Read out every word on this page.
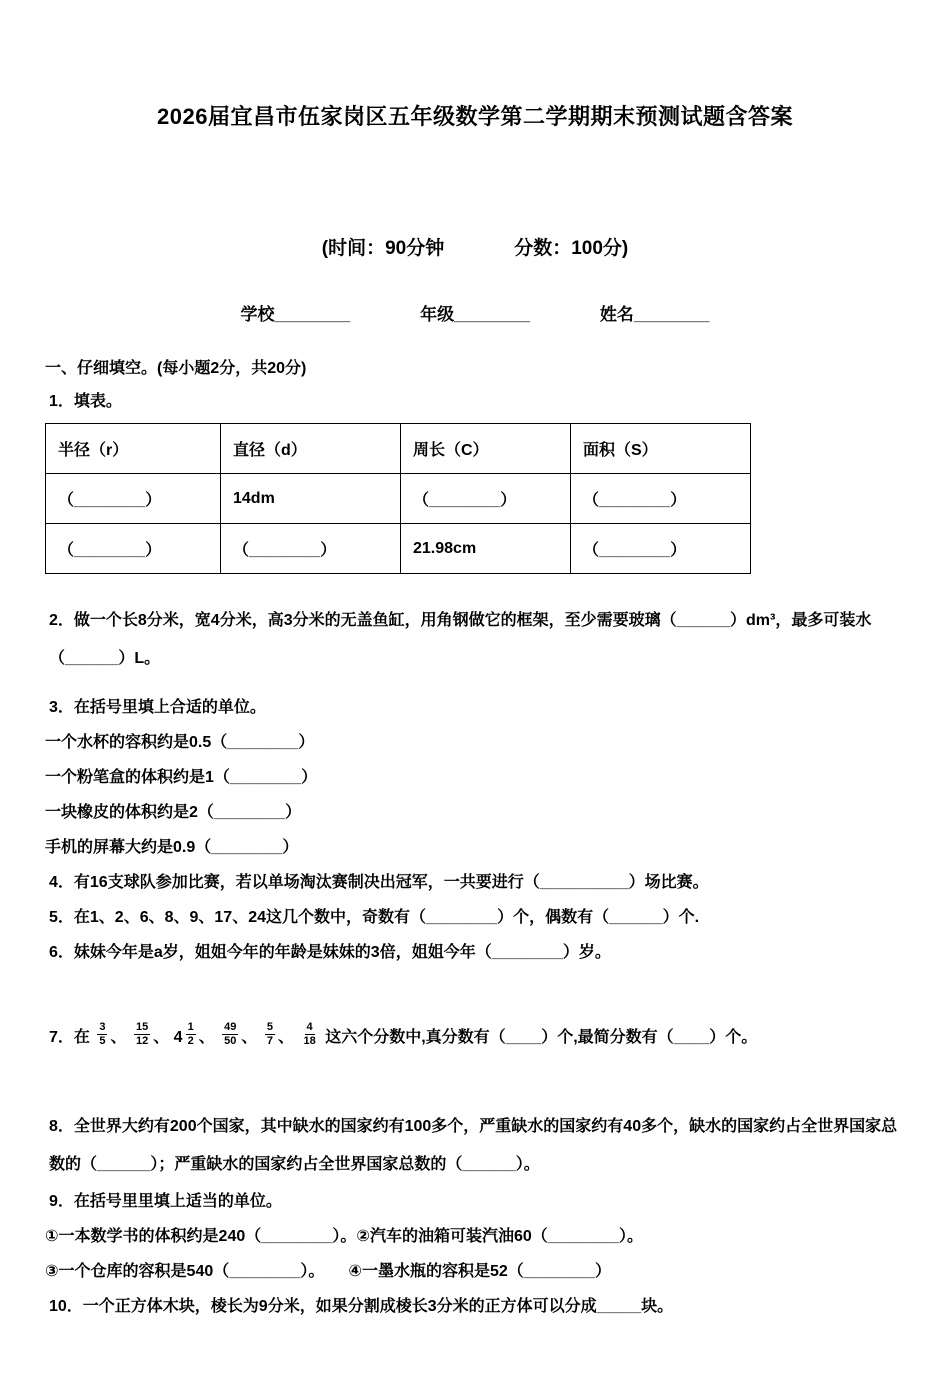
2026届宜昌市伍家岗区五年级数学第二学期期末预测试题含答案
(时间：90分钟	分数：100分)
学校________	年级________	姓名________
一、仔细填空。(每小题2分，共20分)
1．填表。
半径（r）	直径（d）	周长（C）	面积（S）
（________）	14dm	（________）	（________）
（________）	（________）	21.98cm	（________）

2．做一个长8分米，宽4分米，高3分米的无盖鱼缸，用角钢做它的框架，至少需要玻璃（______）dm³，最多可装水（______）L。

3．在括号里填上合适的单位。

一个水杯的容积约是0.5（________）

一个粉笔盒的体积约是1（________）

一块橡皮的体积约是2（________）

手机的屏幕大约是0.9（________）

4．有16支球队参加比赛，若以单场淘汰赛制决出冠军，一共要进行（__________）场比赛。

5．在1、2、6、8、9、17、24这几个数中，奇数有（________）个，偶数有（______）个.

6．妹妹今年是a岁，姐姐今年的年龄是妹妹的3倍，姐姐今年（________）岁。

7．在 $\frac{3}{5}$ 、 $\frac{15}{12}$ 、 $4 \frac{1}{2}$ 、 $\frac{49}{50}$ 、 $\frac{5}{7}$ 、 $\frac{4}{18}$ 这六个分数中,真分数有（____）个,最简分数有（____）个。

8．全世界大约有200个国家，其中缺水的国家约有100多个，严重缺水的国家约有40多个，缺水的国家约占全世界国家总数的（______）；严重缺水的国家约占全世界国家总数的（______）。

9．在括号里里填上适当的单位。

①一本数学书的体积约是240（________）。②汽车的油箱可装汽油60（________）。

③一个仓库的容积是540（________）。　　④一墨水瓶的容积是52（________）

10．一个正方体木块，棱长为9分米，如果分割成棱长3分米的正方体可以分成_____块。
